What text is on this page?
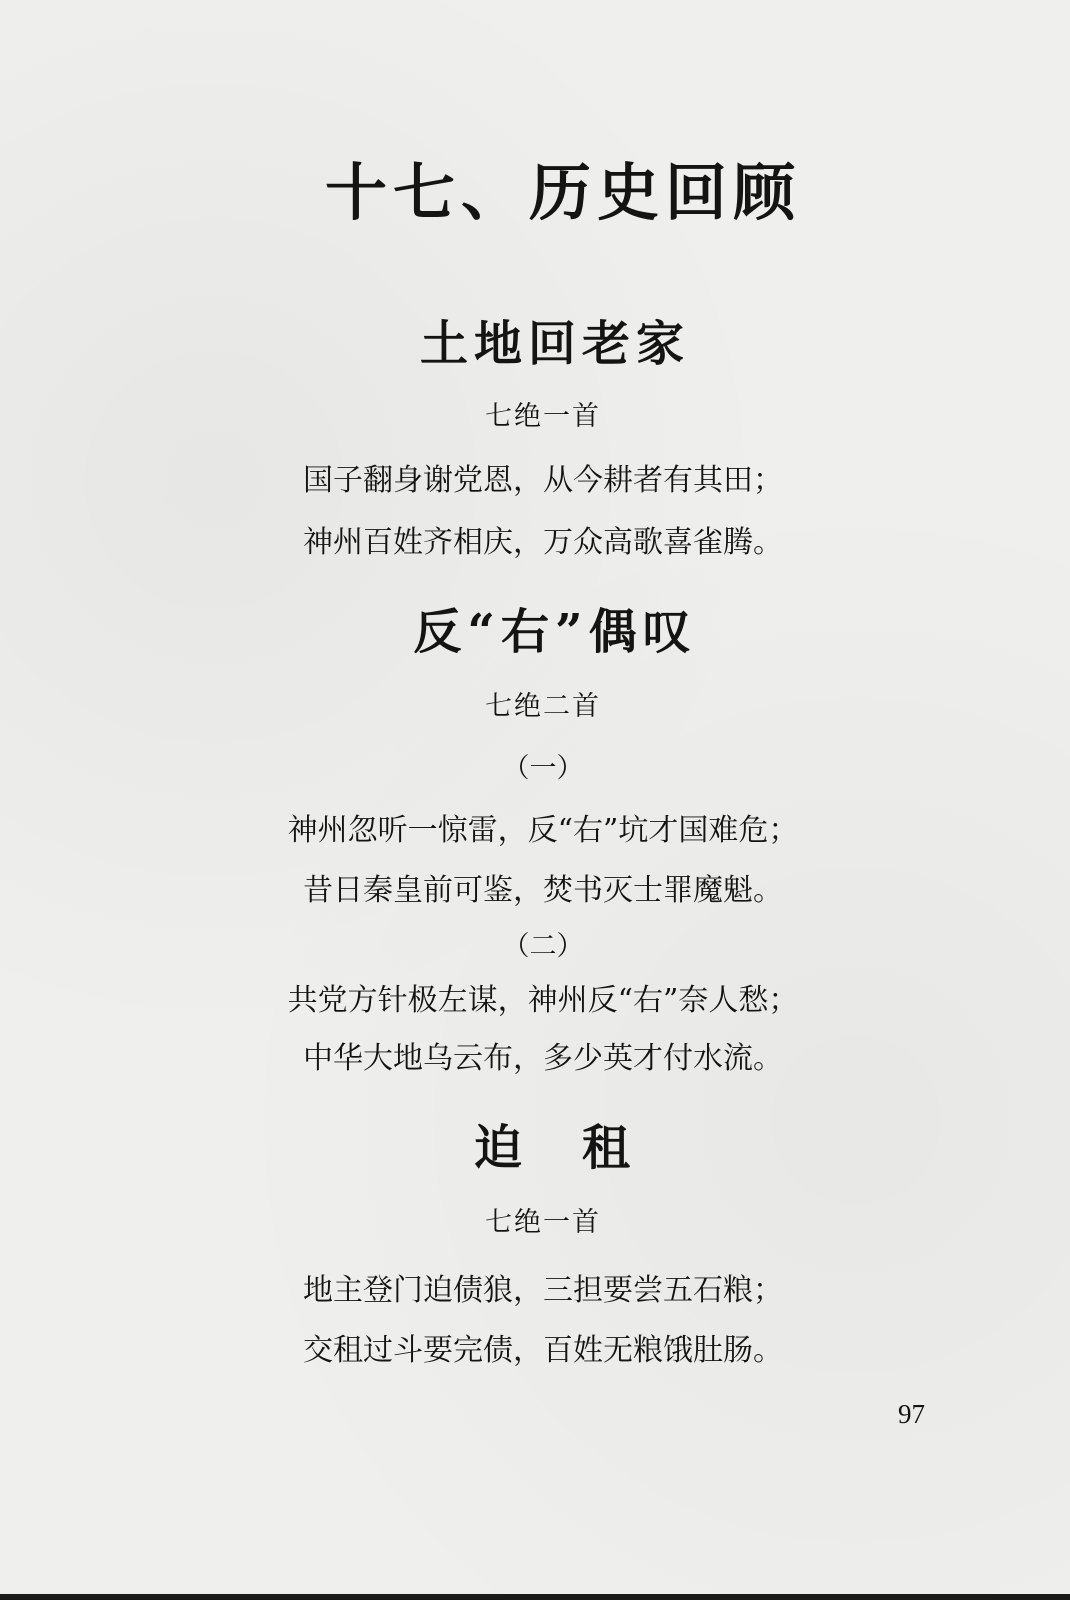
十七、历史回顾
土地回老家
七绝一首
国子翻身谢党恩，从今耕者有其田；
神州百姓齐相庆，万众高歌喜雀腾。
反“右”偶叹
七绝二首
（一）
神州忽听一惊雷，反“右”坑才国难危；
昔日秦皇前可鉴，焚书灭士罪魔魁。
（二）
共党方针极左谋，神州反“右”奈人愁；
中华大地乌云布，多少英才付水流。
迫　租
七绝一首
地主登门迫债狼，三担要尝五石粮；
交租过斗要完债，百姓无粮饿肚肠。
97
